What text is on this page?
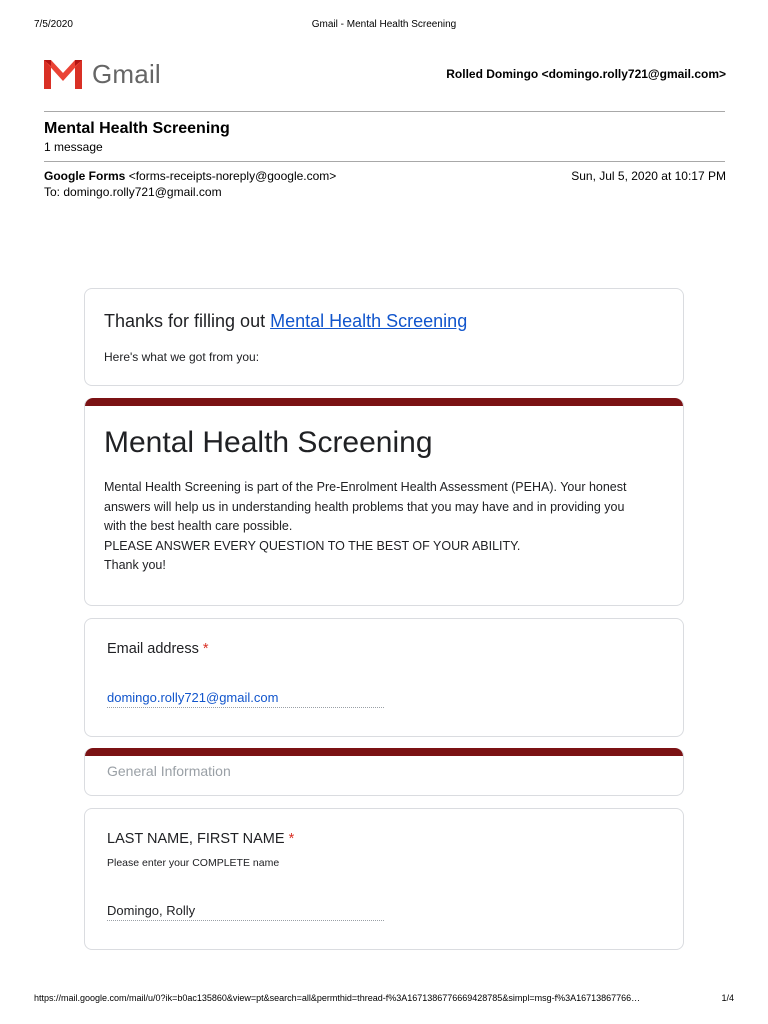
7/5/2020	Gmail - Mental Health Screening
Gmail	Rolled Domingo <domingo.rolly721@gmail.com>
Mental Health Screening
1 message
Google Forms <forms-receipts-noreply@google.com>
To: domingo.rolly721@gmail.com
Sun, Jul 5, 2020 at 10:17 PM
Thanks for filling out Mental Health Screening
Here's what we got from you:
Mental Health Screening
Mental Health Screening is part of the Pre-Enrolment Health Assessment (PEHA). Your honest
answers will help us in understanding health problems that you may have and in providing you
with the best health care possible.
PLEASE ANSWER EVERY QUESTION TO THE BEST OF YOUR ABILITY.
Thank you!
Email address *
domingo.rolly721@gmail.com
General Information
LAST NAME, FIRST NAME *
Please enter your COMPLETE name
Domingo, Rolly
https://mail.google.com/mail/u/0?ik=b0ac135860&view=pt&search=all&permthid=thread-f%3A1671386776669428785&simpl=msg-f%3A16713867766…	1/4
